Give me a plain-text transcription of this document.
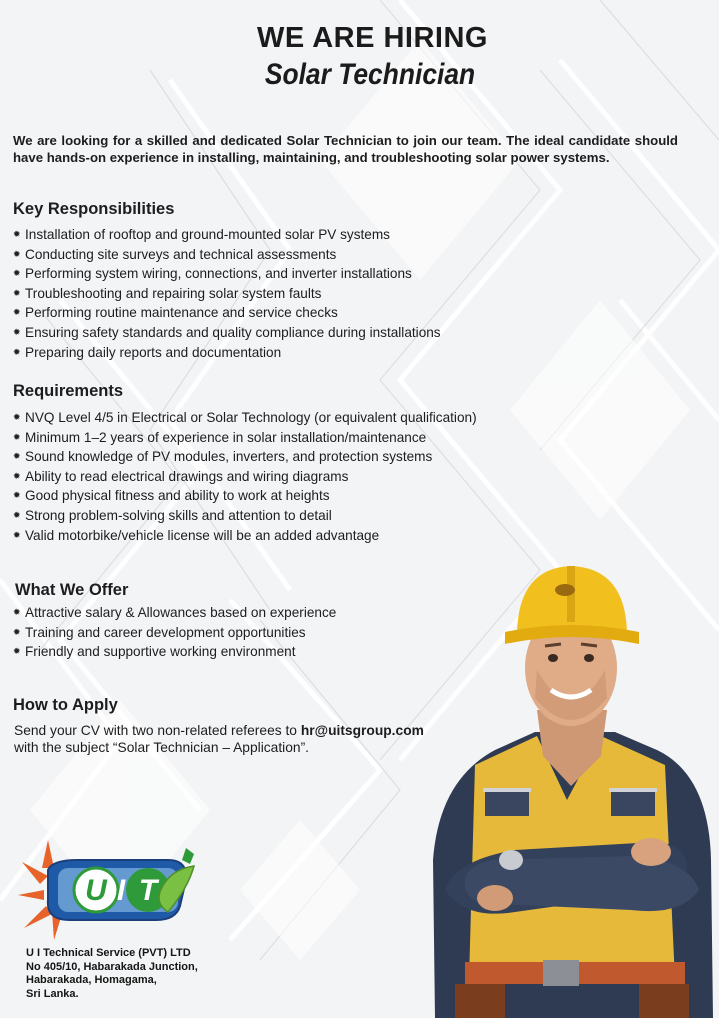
WE ARE HIRING
Solar Technician
We are looking for a skilled and dedicated Solar Technician to join our team. The ideal candidate should have hands-on experience in installing, maintaining, and troubleshooting solar power systems.
Key Responsibilities
✹ Installation of rooftop and ground-mounted solar PV systems
✹ Conducting site surveys and technical assessments
✹ Performing system wiring, connections, and inverter installations
✹ Troubleshooting and repairing solar system faults
✹ Performing routine maintenance and service checks
✹ Ensuring safety standards and quality compliance during installations
✹ Preparing daily reports and documentation
Requirements
✹ NVQ Level 4/5 in Electrical or Solar Technology (or equivalent qualification)
✹ Minimum 1–2 years of experience in solar installation/maintenance
✹ Sound knowledge of PV modules, inverters, and protection systems
✹ Ability to read electrical drawings and wiring diagrams
✹ Good physical fitness and ability to work at heights
✹ Strong problem-solving skills and attention to detail
✹ Valid motorbike/vehicle license will be an added advantage
What We Offer
✹ Attractive salary & Allowances based on experience
✹ Training and career development opportunities
✹ Friendly and supportive working environment
How to Apply
Send your CV with two non-related referees to hr@uitsgroup.com
with the subject “Solar Technician – Application”.
U I T
U I Technical Service (PVT) LTD
No 405/10, Habarakada Junction,
Habarakada, Homagama,
Sri Lanka.
